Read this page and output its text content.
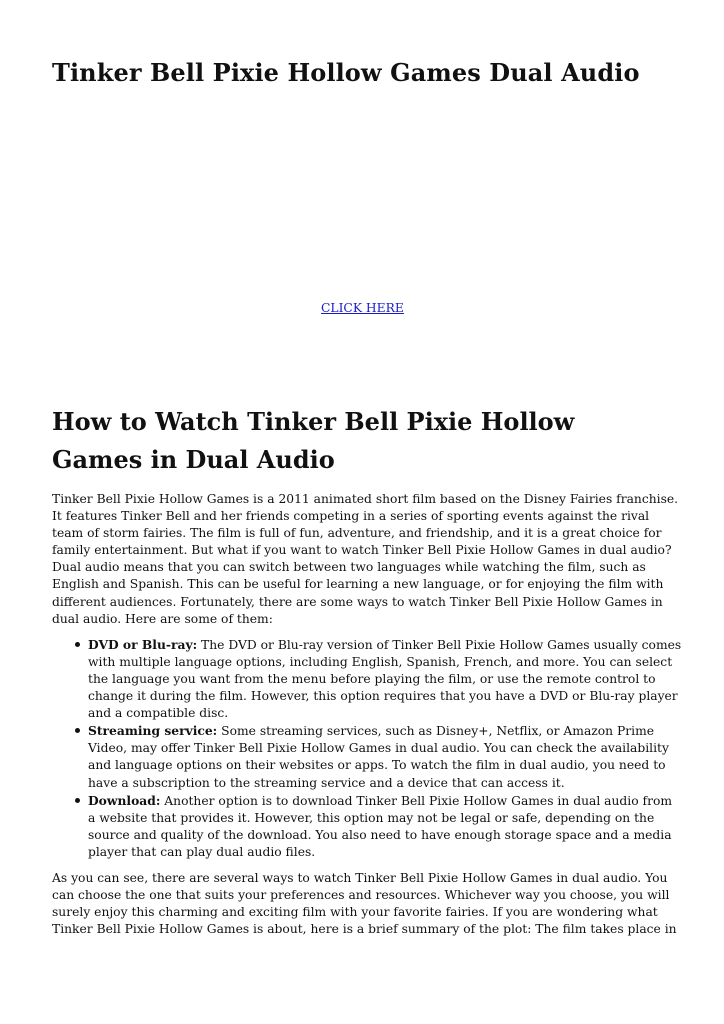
Tinker Bell Pixie Hollow Games Dual Audio
CLICK HERE
How to Watch Tinker Bell Pixie Hollow Games in Dual Audio

Tinker Bell Pixie Hollow Games is a 2011 animated short film based on the Disney Fairies franchise. It features Tinker Bell and her friends competing in a series of sporting events against the rival team of storm fairies. The film is full of fun, adventure, and friendship, and it is a great choice for family entertainment. But what if you want to watch Tinker Bell Pixie Hollow Games in dual audio? Dual audio means that you can switch between two languages while watching the film, such as English and Spanish. This can be useful for learning a new language, or for enjoying the film with different audiences. Fortunately, there are some ways to watch Tinker Bell Pixie Hollow Games in dual audio. Here are some of them:

DVD or Blu-ray: The DVD or Blu-ray version of Tinker Bell Pixie Hollow Games usually comes with multiple language options, including English, Spanish, French, and more. You can select the language you want from the menu before playing the film, or use the remote control to change it during the film. However, this option requires that you have a DVD or Blu-ray player and a compatible disc.
Streaming service: Some streaming services, such as Disney+, Netflix, or Amazon Prime Video, may offer Tinker Bell Pixie Hollow Games in dual audio. You can check the availability and language options on their websites or apps. To watch the film in dual audio, you need to have a subscription to the streaming service and a device that can access it.
Download: Another option is to download Tinker Bell Pixie Hollow Games in dual audio from a website that provides it. However, this option may not be legal or safe, depending on the source and quality of the download. You also need to have enough storage space and a media player that can play dual audio files.

As you can see, there are several ways to watch Tinker Bell Pixie Hollow Games in dual audio. You can choose the one that suits your preferences and resources. Whichever way you choose, you will surely enjoy this charming and exciting film with your favorite fairies. If you are wondering what Tinker Bell Pixie Hollow Games is about, here is a brief summary of the plot: The film takes place in
